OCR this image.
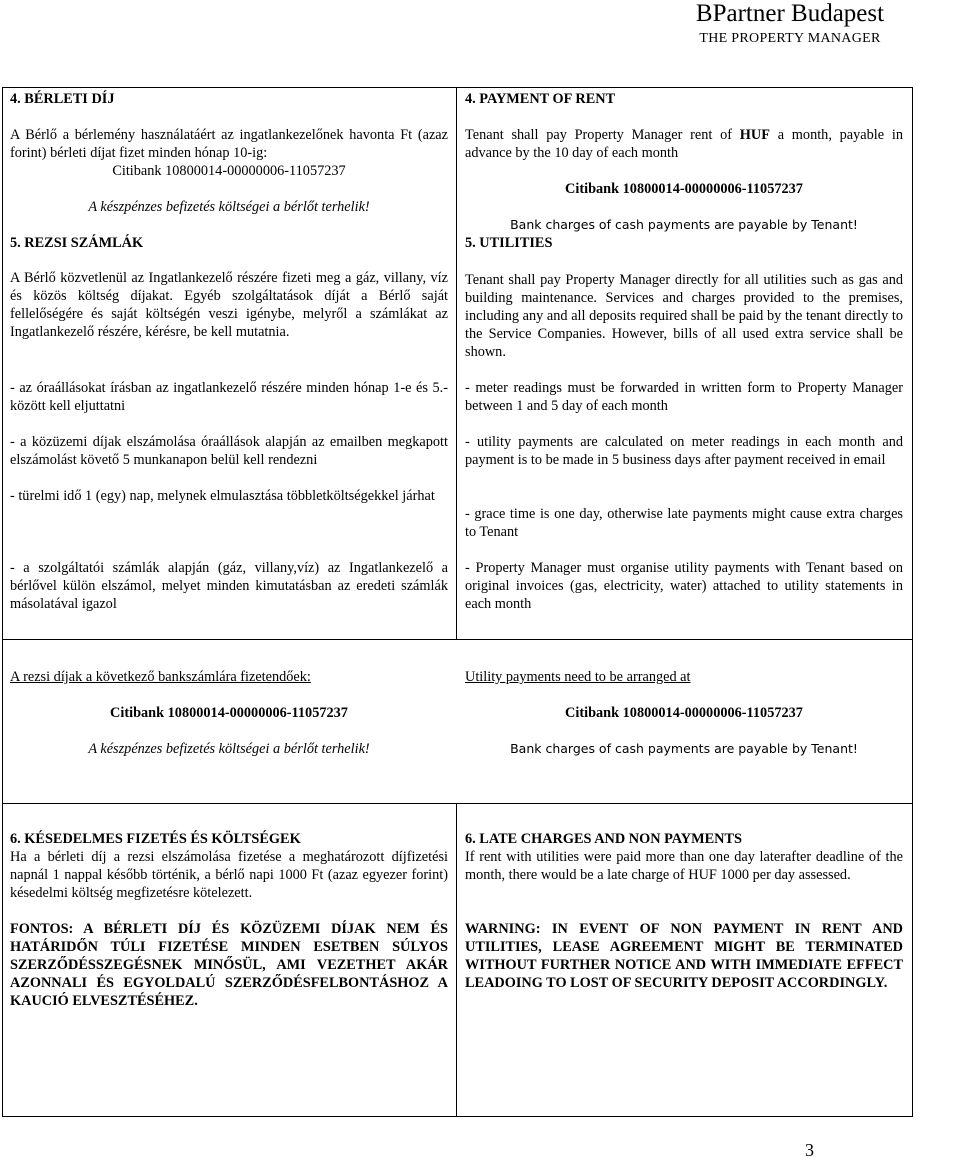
BPartner Budapest
THE PROPERTY MANAGER

4. BÉRLETI DÍJ

A Bérlő a bérlemény használatáért az ingatlankezelőnek havonta Ft (azaz forint) bérleti díjat fizet minden hónap 10-ig:
Citibank 10800014-00000006-11057237
A készpénzes befizetés költségei a bérlőt terhelik!
5. REZSI SZÁMLÁK
A Bérlő közvetlenül az Ingatlankezelő részére fizeti meg a gáz, villany, víz és közös költség díjakat. Egyéb szolgáltatások díját a Bérlő saját fellelőségére és saját költségén veszi igénybe, melyről a számlákat az Ingatlankezelő részére, kérésre, be kell mutatnia.
- az óraállásokat írásban az ingatlankezelő részére minden hónap 1-e és 5.- között kell eljuttatni
- a közüzemi díjak elszámolása óraállások alapján az emailben megkapott elszámolást követő 5 munkanapon belül kell rendezni
- türelmi idő 1 (egy) nap, melynek elmulasztása többletköltségekkel járhat
- a szolgáltatói számlák alapján (gáz, villany,víz) az Ingatlankezelő a bérlővel külön elszámol, melyet minden kimutatásban az eredeti számlák másolatával igazol
4. PAYMENT OF RENT
Tenant shall pay Property Manager rent of HUF a month, payable in advance by the 10 day of each month
Citibank 10800014-00000006-11057237
Bank charges of cash payments are payable by Tenant!
5. UTILITIES
Tenant shall pay Property Manager directly for all utilities such as gas and building maintenance. Services and charges provided to the premises, including any and all deposits required shall be paid by the tenant directly to the Service Companies. However, bills of all used extra service shall be shown.
- meter readings must be forwarded in written form to Property Manager between 1 and 5 day of each month
- utility payments are calculated on meter readings in each month and payment is to be made in 5 business days after payment received in email
- grace time is one day, otherwise late payments might cause extra charges to Tenant
- Property Manager must organise utility payments with Tenant based on original invoices (gas, electricity, water) attached to utility statements in each month
A rezsi díjak a következő bankszámlára fizetendőek:
Citibank 10800014-00000006-11057237
A készpénzes befizetés költségei a bérlőt terhelik!
Utility payments need to be arranged at
Citibank 10800014-00000006-11057237
Bank charges of cash payments are payable by Tenant!
6. KÉSEDELMES FIZETÉS ÉS KÖLTSÉGEK
Ha a bérleti díj a rezsi elszámolása fizetése a meghatározott díjfizetési napnál 1 nappal később történik, a bérlő napi 1000 Ft (azaz egyezer forint) késedelmi költség megfizetésre kötelezett.
FONTOS: A BÉRLETI DÍJ ÉS KÖZÜZEMI DÍJAK NEM ÉS HATÁRIDŐN TÚLI FIZETÉSE MINDEN ESETBEN SÚLYOS SZERZŐDÉSSZEGÉSNEK MINŐSÜL, AMI VEZETHET AKÁR AZONNALI ÉS EGYOLDALÚ SZERZŐDÉSFELBONTÁSHOZ A KAUCIÓ ELVESZTÉSÉHEZ.
6. LATE CHARGES AND NON PAYMENTS
If rent with utilities were paid more than one day laterafter deadline of the month, there would be a late charge of HUF 1000 per day assessed.
WARNING: IN EVENT OF NON PAYMENT IN RENT AND UTILITIES, LEASE AGREEMENT MIGHT BE TERMINATED WITHOUT FURTHER NOTICE AND WITH IMMEDIATE EFFECT LEADOING TO LOST OF SECURITY DEPOSIT ACCORDINGLY.
3
